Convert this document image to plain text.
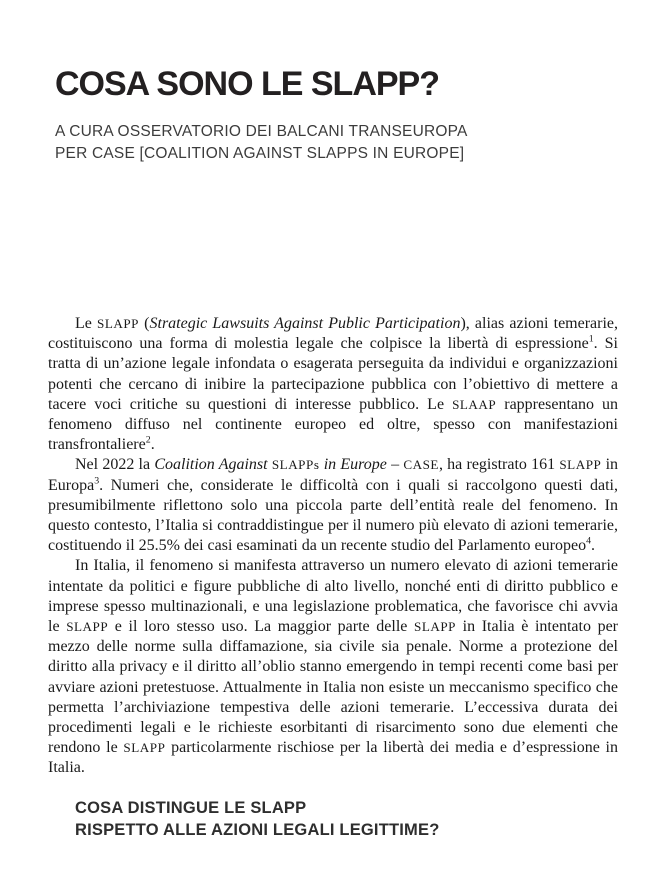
COSA SONO LE SLAPP?
A CURA OSSERVATORIO DEI BALCANI TRANSEUROPA
PER CASE [COALITION AGAINST SLAPPS IN EUROPE]

Le SLAPP (Strategic Lawsuits Against Public Participation), alias azioni temerarie, costituiscono una forma di molestia legale che colpisce la libertà di espressione$^1$. Si tratta di un’azione legale infondata o esagerata perseguita da individui e organizzazioni potenti che cercano di inibire la partecipazione pubblica con l’obiettivo di mettere a tacere voci critiche su questioni di interesse pubblico. Le SLAAP rappresentano un fenomeno diffuso nel continente europeo ed oltre, spesso con manifestazioni transfrontaliere$^2$.

Nel 2022 la Coalition Against SLAPPs in Europe – CASE, ha registrato 161 SLAPP in Europa$^3$. Numeri che, considerate le difficoltà con i quali si raccolgono questi dati, presumibilmente riflettono solo una piccola parte dell’entità reale del fenomeno. In questo contesto, l’Italia si contraddistingue per il numero più elevato di azioni temerarie, costituendo il 25.5% dei casi esaminati da un recente studio del Parlamento europeo$^4$.

In Italia, il fenomeno si manifesta attraverso un numero elevato di azioni temerarie intentate da politici e figure pubbliche di alto livello, nonché enti di diritto pubblico e imprese spesso multinazionali, e una legislazione problematica, che favorisce chi avvia le SLAPP e il loro stesso uso. La maggior parte delle SLAPP in Italia è intentato per mezzo delle norme sulla diffamazione, sia civile sia penale. Norme a protezione del diritto alla privacy e il diritto all’oblio stanno emergendo in tempi recenti come basi per avviare azioni pretestuose. Attualmente in Italia non esiste un meccanismo specifico che permetta l’archiviazione tempestiva delle azioni temerarie. L’eccessiva durata dei procedimenti legali e le richieste esorbitanti di risarcimento sono due elementi che rendono le SLAPP particolarmente rischiose per la libertà dei media e d’espressione in Italia.

COSA DISTINGUE LE SLAPP
RISPETTO ALLE AZIONI LEGALI LEGITTIME?
